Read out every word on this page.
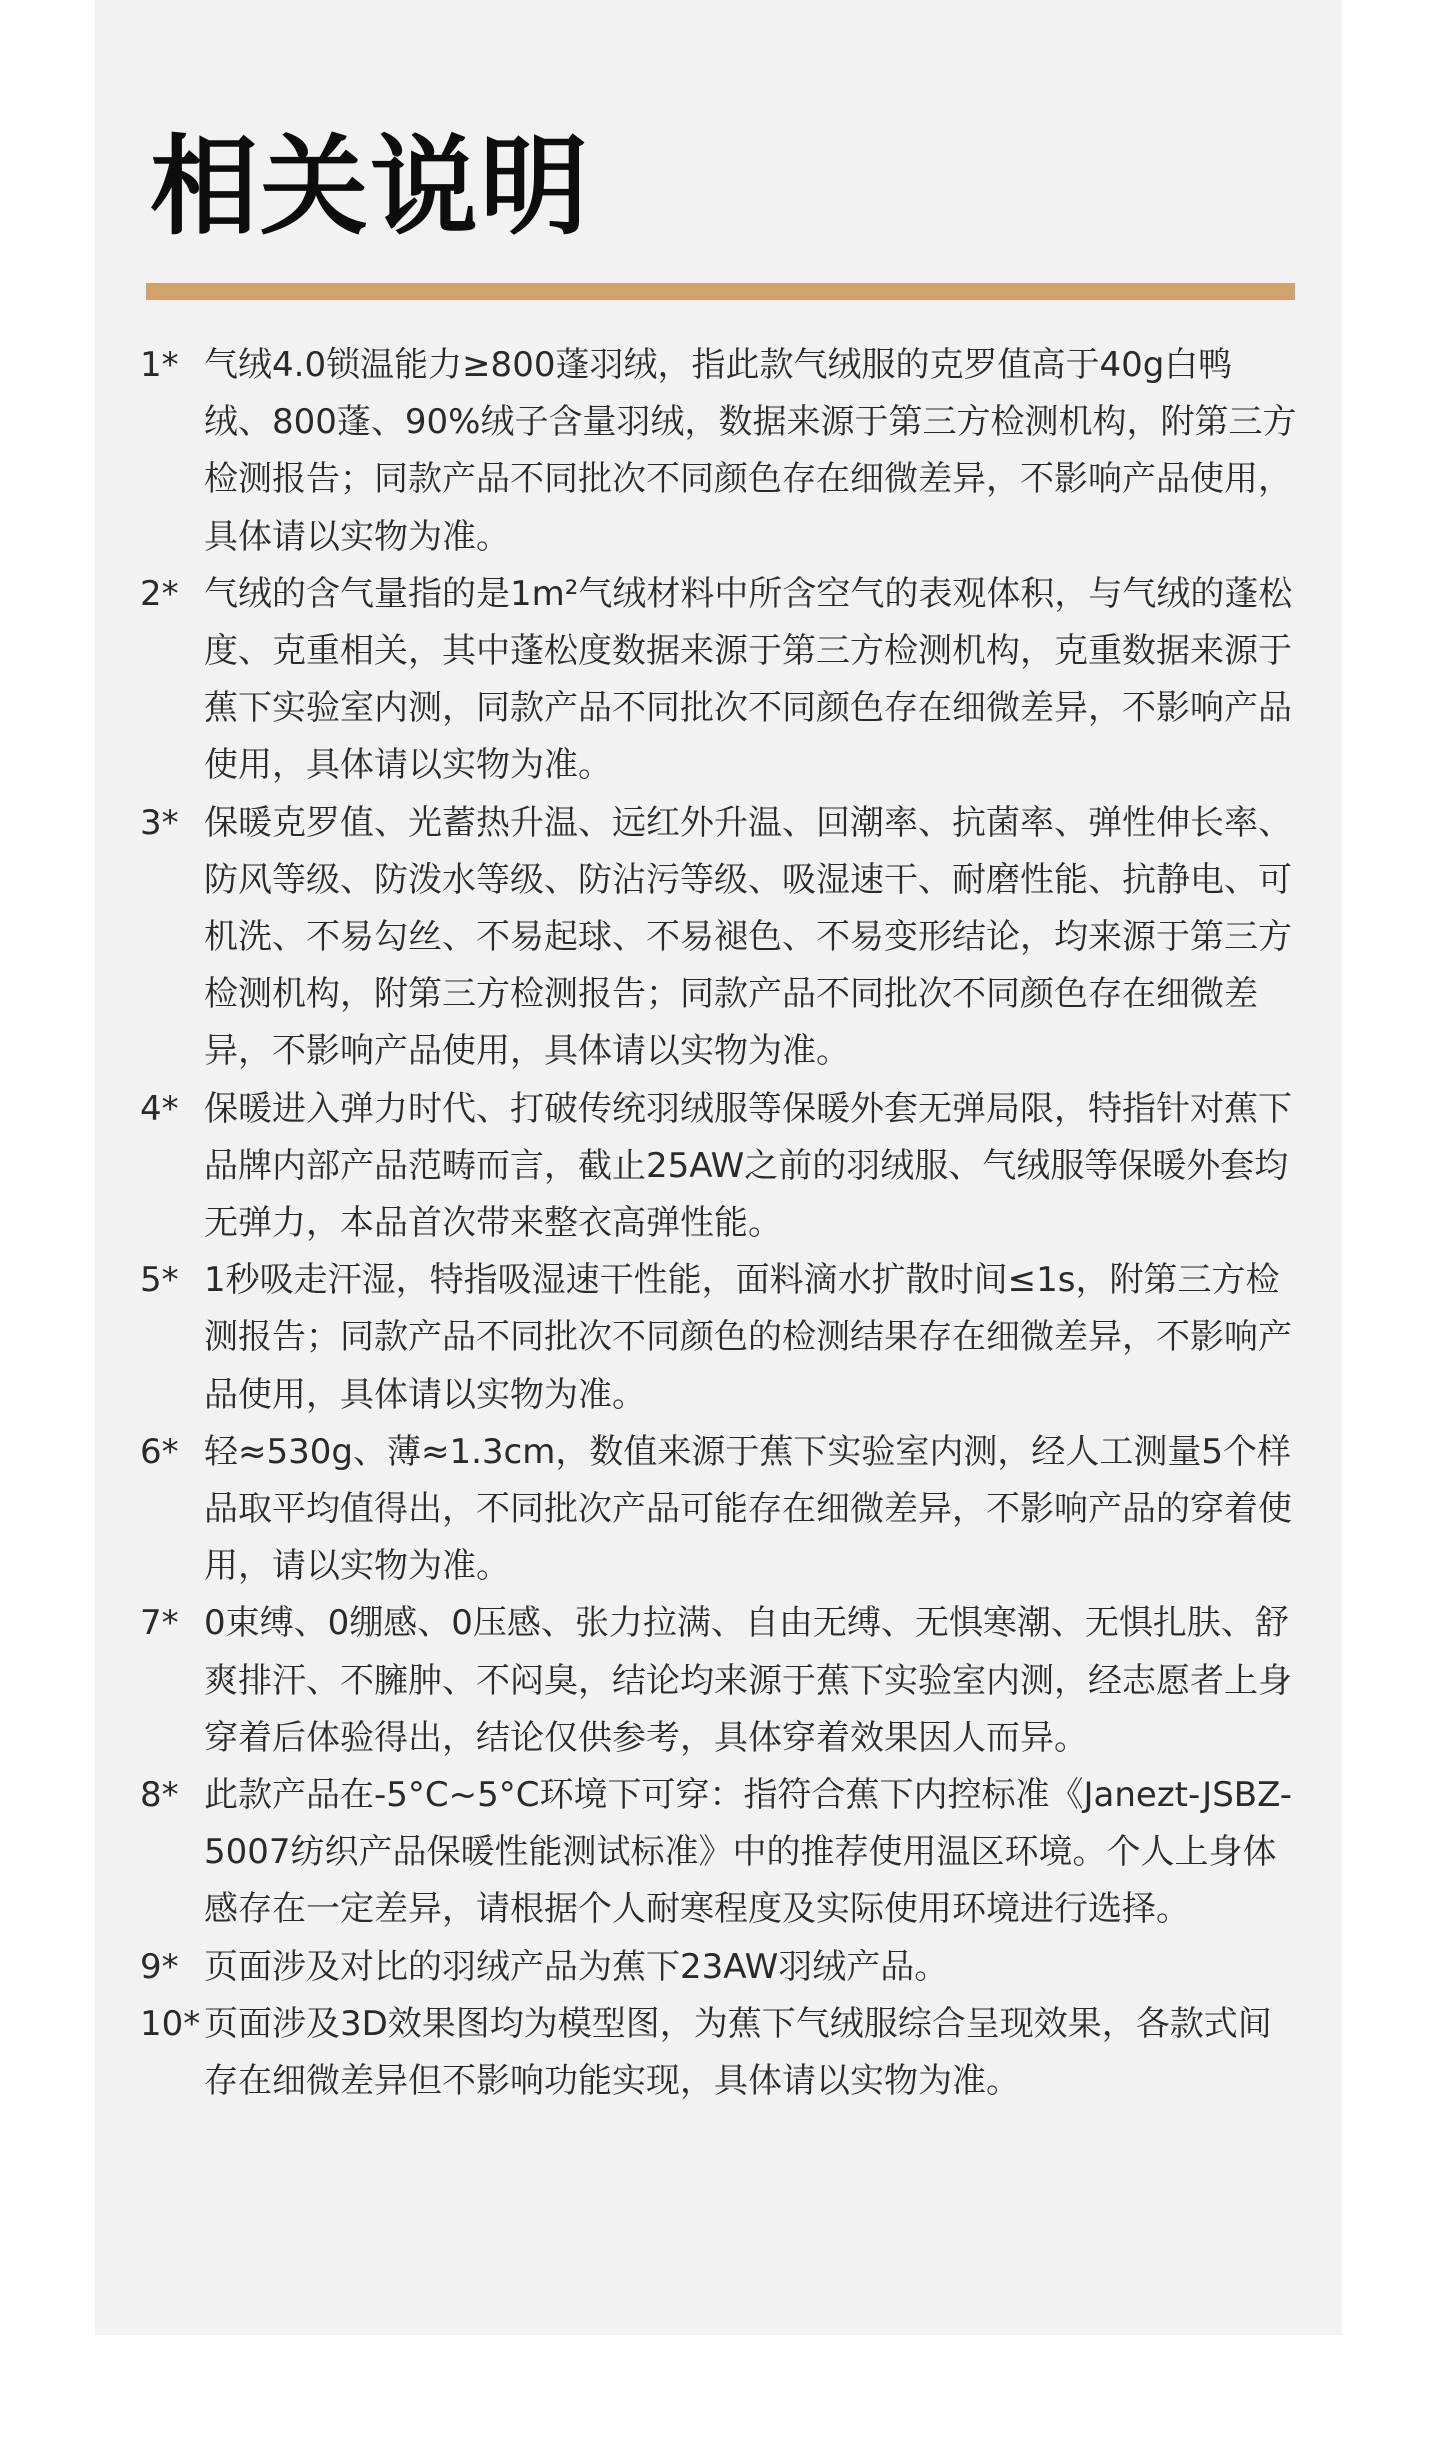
相关说明
1* 气绒4.0锁温能力≥800蓬羽绒，指此款气绒服的克罗值高于40g白鸭绒、800蓬、90%绒子含量羽绒，数据来源于第三方检测机构，附第三方检测报告；同款产品不同批次不同颜色存在细微差异，不影响产品使用，具体请以实物为准。
2* 气绒的含气量指的是1m²气绒材料中所含空气的表观体积，与气绒的蓬松度、克重相关，其中蓬松度数据来源于第三方检测机构，克重数据来源于蕉下实验室内测，同款产品不同批次不同颜色存在细微差异，不影响产品使用，具体请以实物为准。
3* 保暖克罗值、光蓄热升温、远红外升温、回潮率、抗菌率、弹性伸长率、防风等级、防泼水等级、防沾污等级、吸湿速干、耐磨性能、抗静电、可机洗、不易勾丝、不易起球、不易褪色、不易变形结论，均来源于第三方检测机构，附第三方检测报告；同款产品不同批次不同颜色存在细微差异，不影响产品使用，具体请以实物为准。
4* 保暖进入弹力时代、打破传统羽绒服等保暖外套无弹局限，特指针对蕉下品牌内部产品范畴而言，截止25AW之前的羽绒服、气绒服等保暖外套均无弹力，本品首次带来整衣高弹性能。
5* 1秒吸走汗湿，特指吸湿速干性能，面料滴水扩散时间≤1s，附第三方检测报告；同款产品不同批次不同颜色的检测结果存在细微差异，不影响产品使用，具体请以实物为准。
6* 轻≈530g、薄≈1.3cm，数值来源于蕉下实验室内测，经人工测量5个样品取平均值得出，不同批次产品可能存在细微差异，不影响产品的穿着使用，请以实物为准。
7* 0束缚、0绷感、0压感、张力拉满、自由无缚、无惧寒潮、无惧扎肤、舒爽排汗、不臃肿、不闷臭，结论均来源于蕉下实验室内测，经志愿者上身穿着后体验得出，结论仅供参考，具体穿着效果因人而异。
8* 此款产品在-5°C~5°C环境下可穿：指符合蕉下内控标准《Janezt-JSBZ-5007纺织产品保暖性能测试标准》中的推荐使用温区环境。个人上身体感存在一定差异，请根据个人耐寒程度及实际使用环境进行选择。
9* 页面涉及对比的羽绒产品为蕉下23AW羽绒产品。
10* 页面涉及3D效果图均为模型图，为蕉下气绒服综合呈现效果，各款式间存在细微差异但不影响功能实现，具体请以实物为准。
